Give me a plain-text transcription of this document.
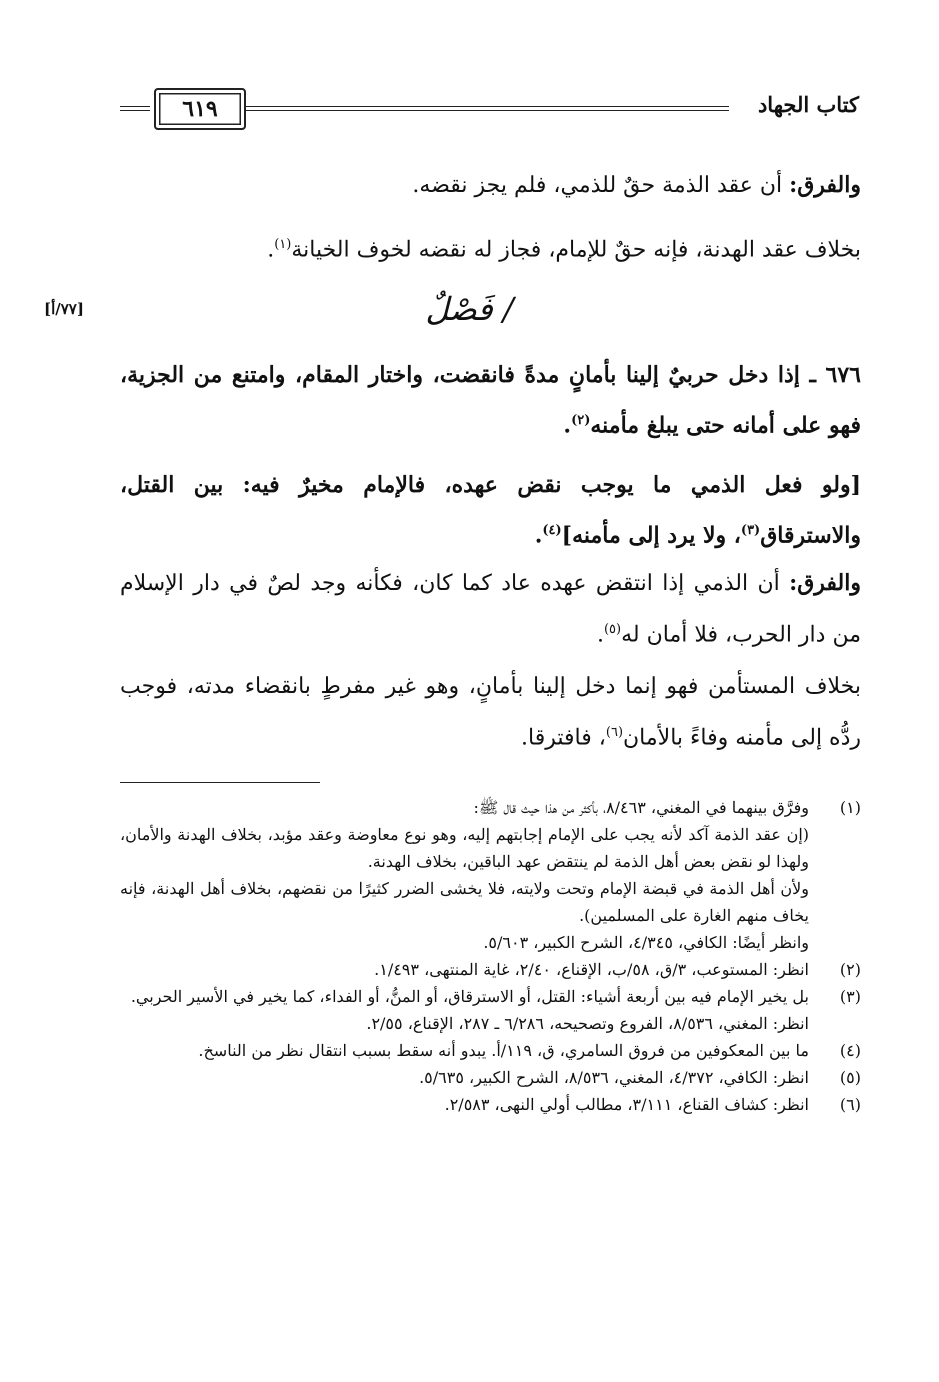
٦١٩	كتاب الجهاد
والفرق: أن عقد الذمة حقٌ للذمي، فلم يجز نقضه.
بخلاف عقد الهدنة، فإنه حقٌ للإمام، فجاز له نقضه لخوف الخيانة$^{(١)}$.
[٧٧/أ]	/ فَصْلٌ
٦٧٦ ـ إذا دخل حربيٌ إلينا بأمانٍ مدةً فانقضت، واختار المقام، وامتنع من الجزية، فهو على أمانه حتى يبلغ مأمنه$^{(٢)}$.
[ولو فعل الذمي ما يوجب نقض عهده، فالإمام مخيرٌ فيه: بين القتل، والاسترقاق$^{(٣)}$، ولا يرد إلى مأمنه]$^{(٤)}$.
والفرق: أن الذمي إذا انتقض عهده عاد كما كان، فكأنه وجد لصٌ في دار الإسلام من دار الحرب، فلا أمان له$^{(٥)}$.
بخلاف المستأمن فهو إنما دخل إلينا بأمانٍ، وهو غير مفرطٍ بانقضاء مدته، فوجب ردُّه إلى مأمنه وفاءً بالأمان$^{(٦)}$، فافترقا.
(١)
وفرَّق بينهما في المغني، ٨/٤٦٣، بأكثر من هذا حيث قال ﷺ:
(إن عقد الذمة آكد لأنه يجب على الإمام إجابتهم إليه، وهو نوع معاوضة وعقد مؤبد، بخلاف الهدنة والأمان، ولهذا لو نقض بعض أهل الذمة لم ينتقض عهد الباقين، بخلاف الهدنة.
ولأن أهل الذمة في قبضة الإمام وتحت ولايته، فلا يخشى الضرر كثيرًا من نقضهم، بخلاف أهل الهدنة، فإنه يخاف منهم الغارة على المسلمين).
وانظر أيضًا: الكافي، ٤/٣٤٥، الشرح الكبير، ٥/٦٠٣.
(٢)
انظر: المستوعب، ٣/ق، ٥٨/ب، الإقناع، ٢/٤٠، غاية المنتهى، ١/٤٩٣.
(٣)
بل يخير الإمام فيه بين أربعة أشياء: القتل، أو الاسترقاق، أو المنُّ، أو الفداء، كما يخير في الأسير الحربي.
انظر: المغني، ٨/٥٣٦، الفروع وتصحيحه، ٦/٢٨٦ ـ ٢٨٧، الإقناع، ٢/٥٥.
(٤)
ما بين المعكوفين من فروق السامري، ق، ١١٩/أ. يبدو أنه سقط بسبب انتقال نظر من الناسخ.
(٥)
انظر: الكافي، ٤/٣٧٢، المغني، ٨/٥٣٦، الشرح الكبير، ٥/٦٣٥.
(٦)
انظر: كشاف القناع، ٣/١١١، مطالب أولي النهى، ٢/٥٨٣.
